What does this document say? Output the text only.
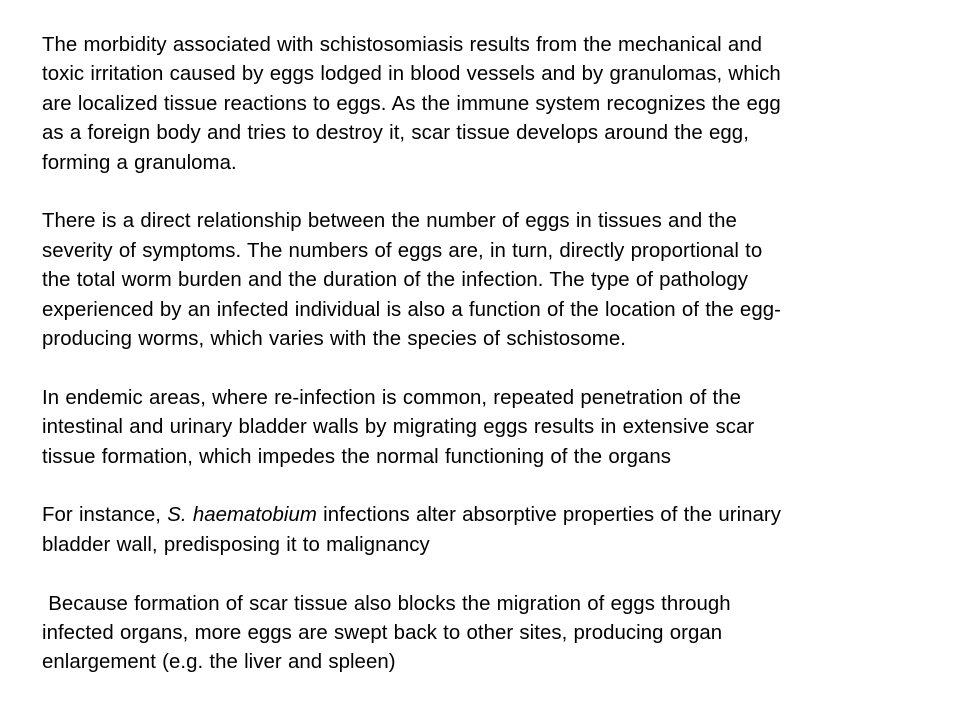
The morbidity associated with schistosomiasis results from the mechanical and
toxic irritation caused by eggs lodged in blood vessels and by granulomas, which
are localized tissue reactions to eggs. As the immune system recognizes the egg
as a foreign body and tries to destroy it, scar tissue develops around the egg,
forming a granuloma.

There is a direct relationship between the number of eggs in tissues and the
severity of symptoms. The numbers of eggs are, in turn, directly proportional to
the total worm burden and the duration of the infection. The type of pathology
experienced by an infected individual is also a function of the location of the egg-
producing worms, which varies with the species of schistosome.

In endemic areas, where re-infection is common, repeated penetration of the
intestinal and urinary bladder walls by migrating eggs results in extensive scar
tissue formation, which impedes the normal functioning of the organs

For instance, S. haematobium infections alter absorptive properties of the urinary
bladder wall, predisposing it to malignancy

Because formation of scar tissue also blocks the migration of eggs through
infected organs, more eggs are swept back to other sites, producing organ
enlargement (e.g. the liver and spleen)
